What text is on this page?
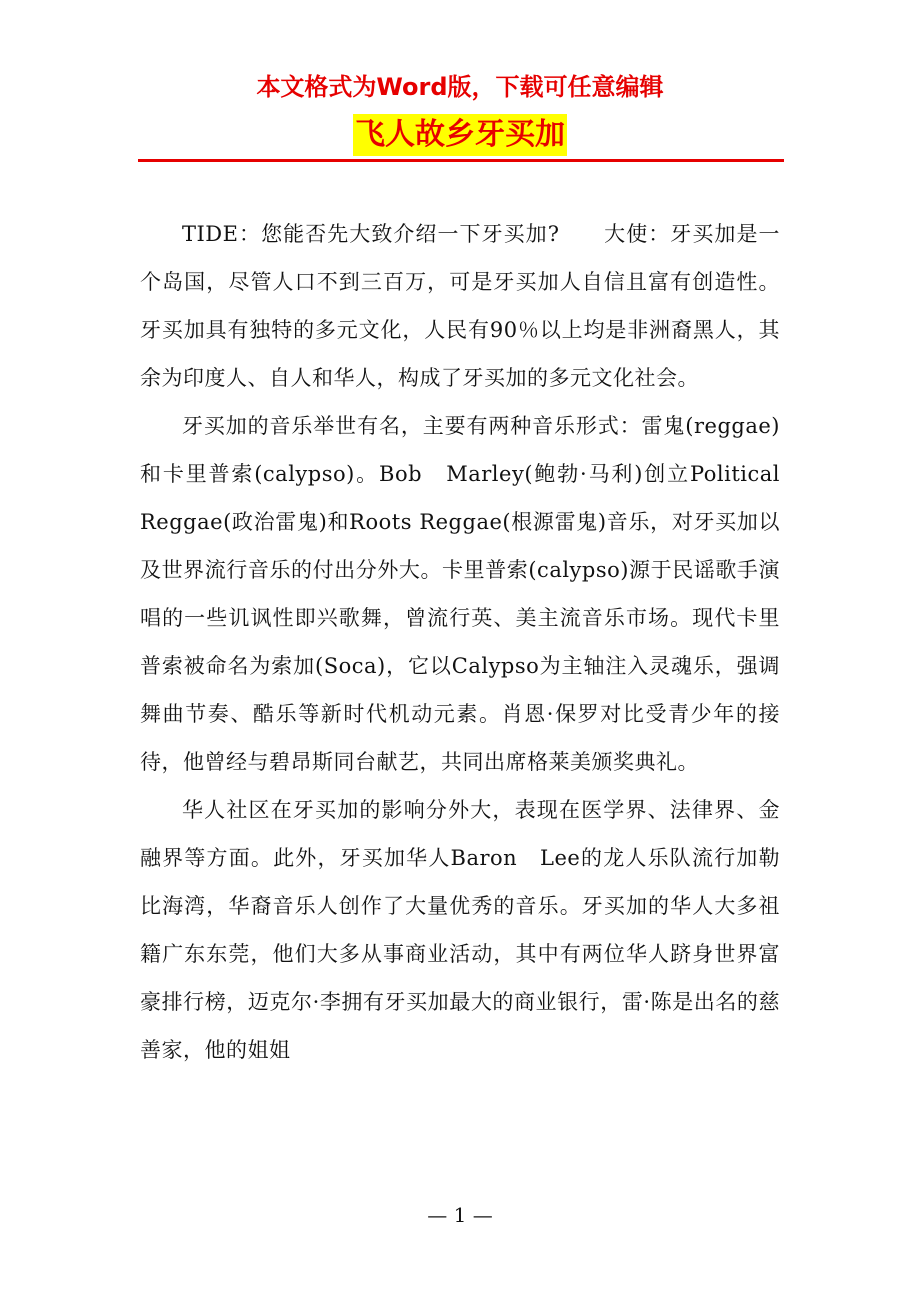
本文格式为Word版，下载可任意编辑
飞人故乡牙买加

TIDE：您能否先大致介绍一下牙买加?　　大使：牙买加是一个岛国，尽管人口不到三百万，可是牙买加人自信且富有创造性。牙买加具有独特的多元文化，人民有90％以上均是非洲裔黑人，其余为印度人、自人和华人，构成了牙买加的多元文化社会。

牙买加的音乐举世有名，主要有两种音乐形式：雷鬼(reggae)和卡里普索(calypso)。Bob　Marley(鲍勃·马利)创立Political Reggae(政治雷鬼)和Roots Reggae(根源雷鬼)音乐，对牙买加以及世界流行音乐的付出分外大。卡里普索(calypso)源于民谣歌手演唱的一些讥讽性即兴歌舞，曾流行英、美主流音乐市场。现代卡里普索被命名为索加(Soca)，它以Calypso为主轴注入灵魂乐，强调舞曲节奏、酷乐等新时代机动元素。肖恩·保罗对比受青少年的接待，他曾经与碧昂斯同台献艺，共同出席格莱美颁奖典礼。

华人社区在牙买加的影响分外大，表现在医学界、法律界、金融界等方面。此外，牙买加华人Baron　Lee的龙人乐队流行加勒比海湾，华裔音乐人创作了大量优秀的音乐。牙买加的华人大多祖籍广东东莞，他们大多从事商业活动，其中有两位华人跻身世界富豪排行榜，迈克尔·李拥有牙买加最大的商业银行，雷·陈是出名的慈善家，他的姐姐

— 1 —
